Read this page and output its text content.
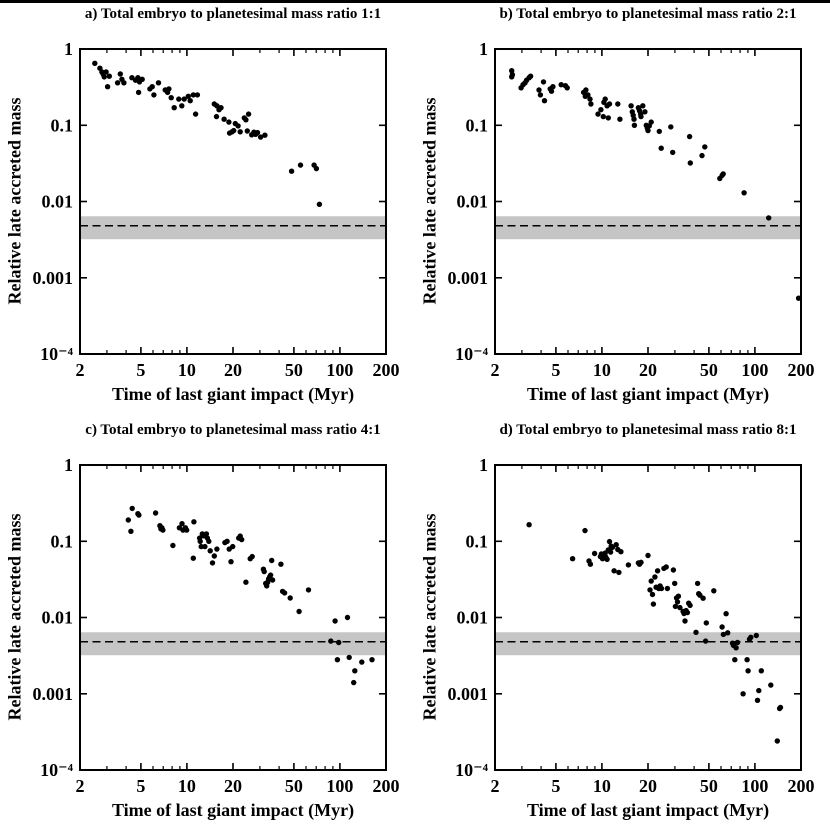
2	5 10 20 50 100 200
1
0.1
0.01
0.001
10⁻⁴
a) Total embryo to planetesimal mass ratio 1:1
Relative late accreted mass
Time of last giant impact (Myr)
2	5 10 20 50 100 200
1
0.1
0.01
0.001
10⁻⁴
b) Total embryo to planetesimal mass ratio 2:1
Relative late accreted mass
Time of last giant impact (Myr)
2	5 10 20 50 100 200
1
0.1
0.01
0.001
10⁻⁴
c) Total embryo to planetesimal mass ratio 4:1
Relative late accreted mass
Time of last giant impact (Myr)
2	5 10 20 50 100 200
1
0.1
0.01
0.001
10⁻⁴
d) Total embryo to planetesimal mass ratio 8:1
Relative late accreted mass
Time of last giant impact (Myr)
